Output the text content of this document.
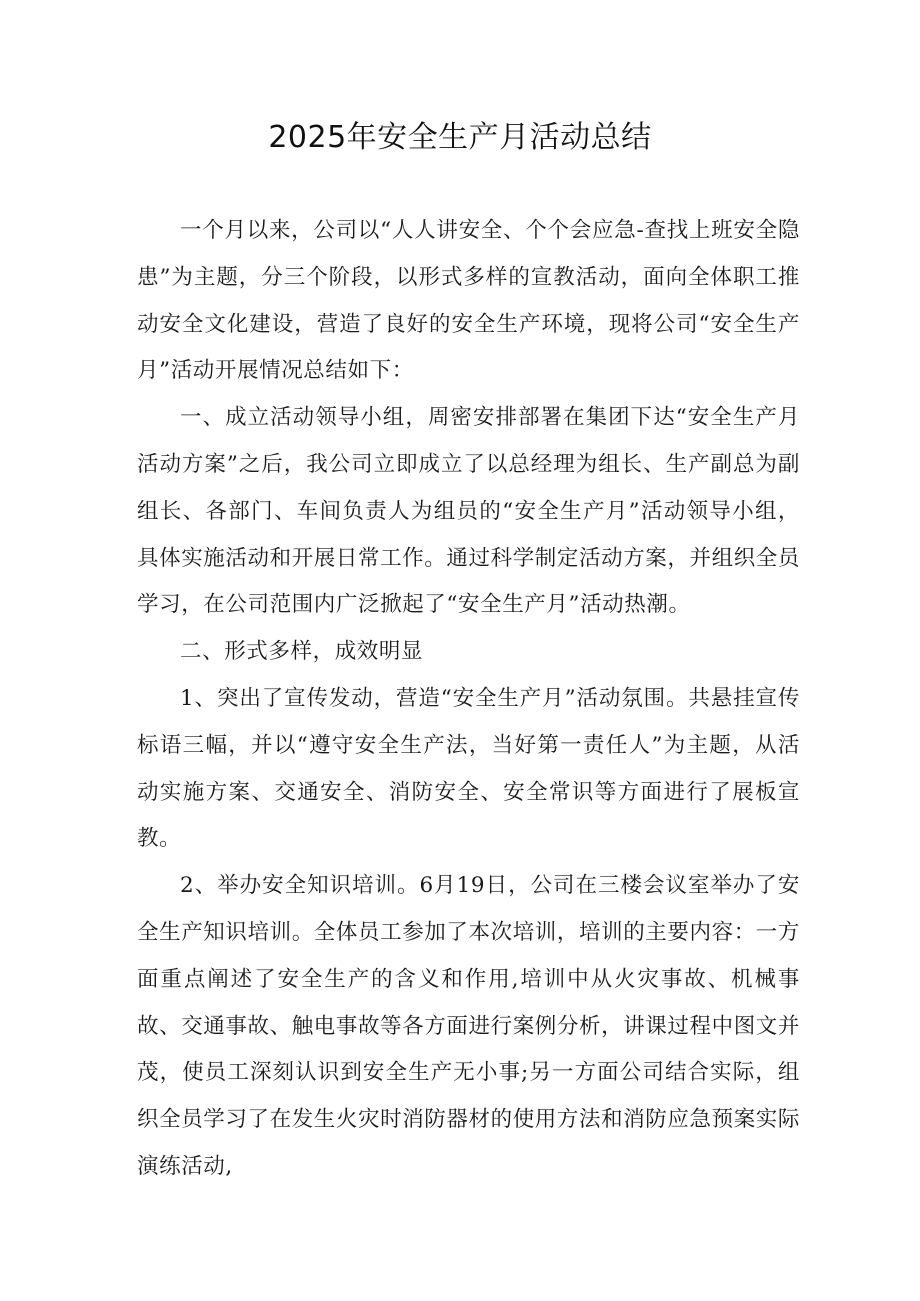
2025年安全生产月活动总结

一个月以来，公司以“人人讲安全、个个会应急-查找上班安全隐患”为主题，分三个阶段，以形式多样的宣教活动，面向全体职工推动安全文化建设，营造了良好的安全生产环境，现将公司“安全生产月”活动开展情况总结如下：

一、成立活动领导小组，周密安排部署在集团下达“安全生产月活动方案”之后，我公司立即成立了以总经理为组长、生产副总为副组长、各部门、车间负责人为组员的“安全生产月”活动领导小组，具体实施活动和开展日常工作。通过科学制定活动方案，并组织全员学习，在公司范围内广泛掀起了“安全生产月”活动热潮。

二、形式多样，成效明显

1、突出了宣传发动，营造“安全生产月”活动氛围。共悬挂宣传标语三幅，并以“遵守安全生产法，当好第一责任人”为主题，从活动实施方案、交通安全、消防安全、安全常识等方面进行了展板宣教。

2、举办安全知识培训。6月19日，公司在三楼会议室举办了安全生产知识培训。全体员工参加了本次培训，培训的主要内容：一方面重点阐述了安全生产的含义和作用,培训中从火灾事故、机械事故、交通事故、触电事故等各方面进行案例分析，讲课过程中图文并茂，使员工深刻认识到安全生产无小事;另一方面公司结合实际，组织全员学习了在发生火灾时消防器材的使用方法和消防应急预案实际演练活动,
